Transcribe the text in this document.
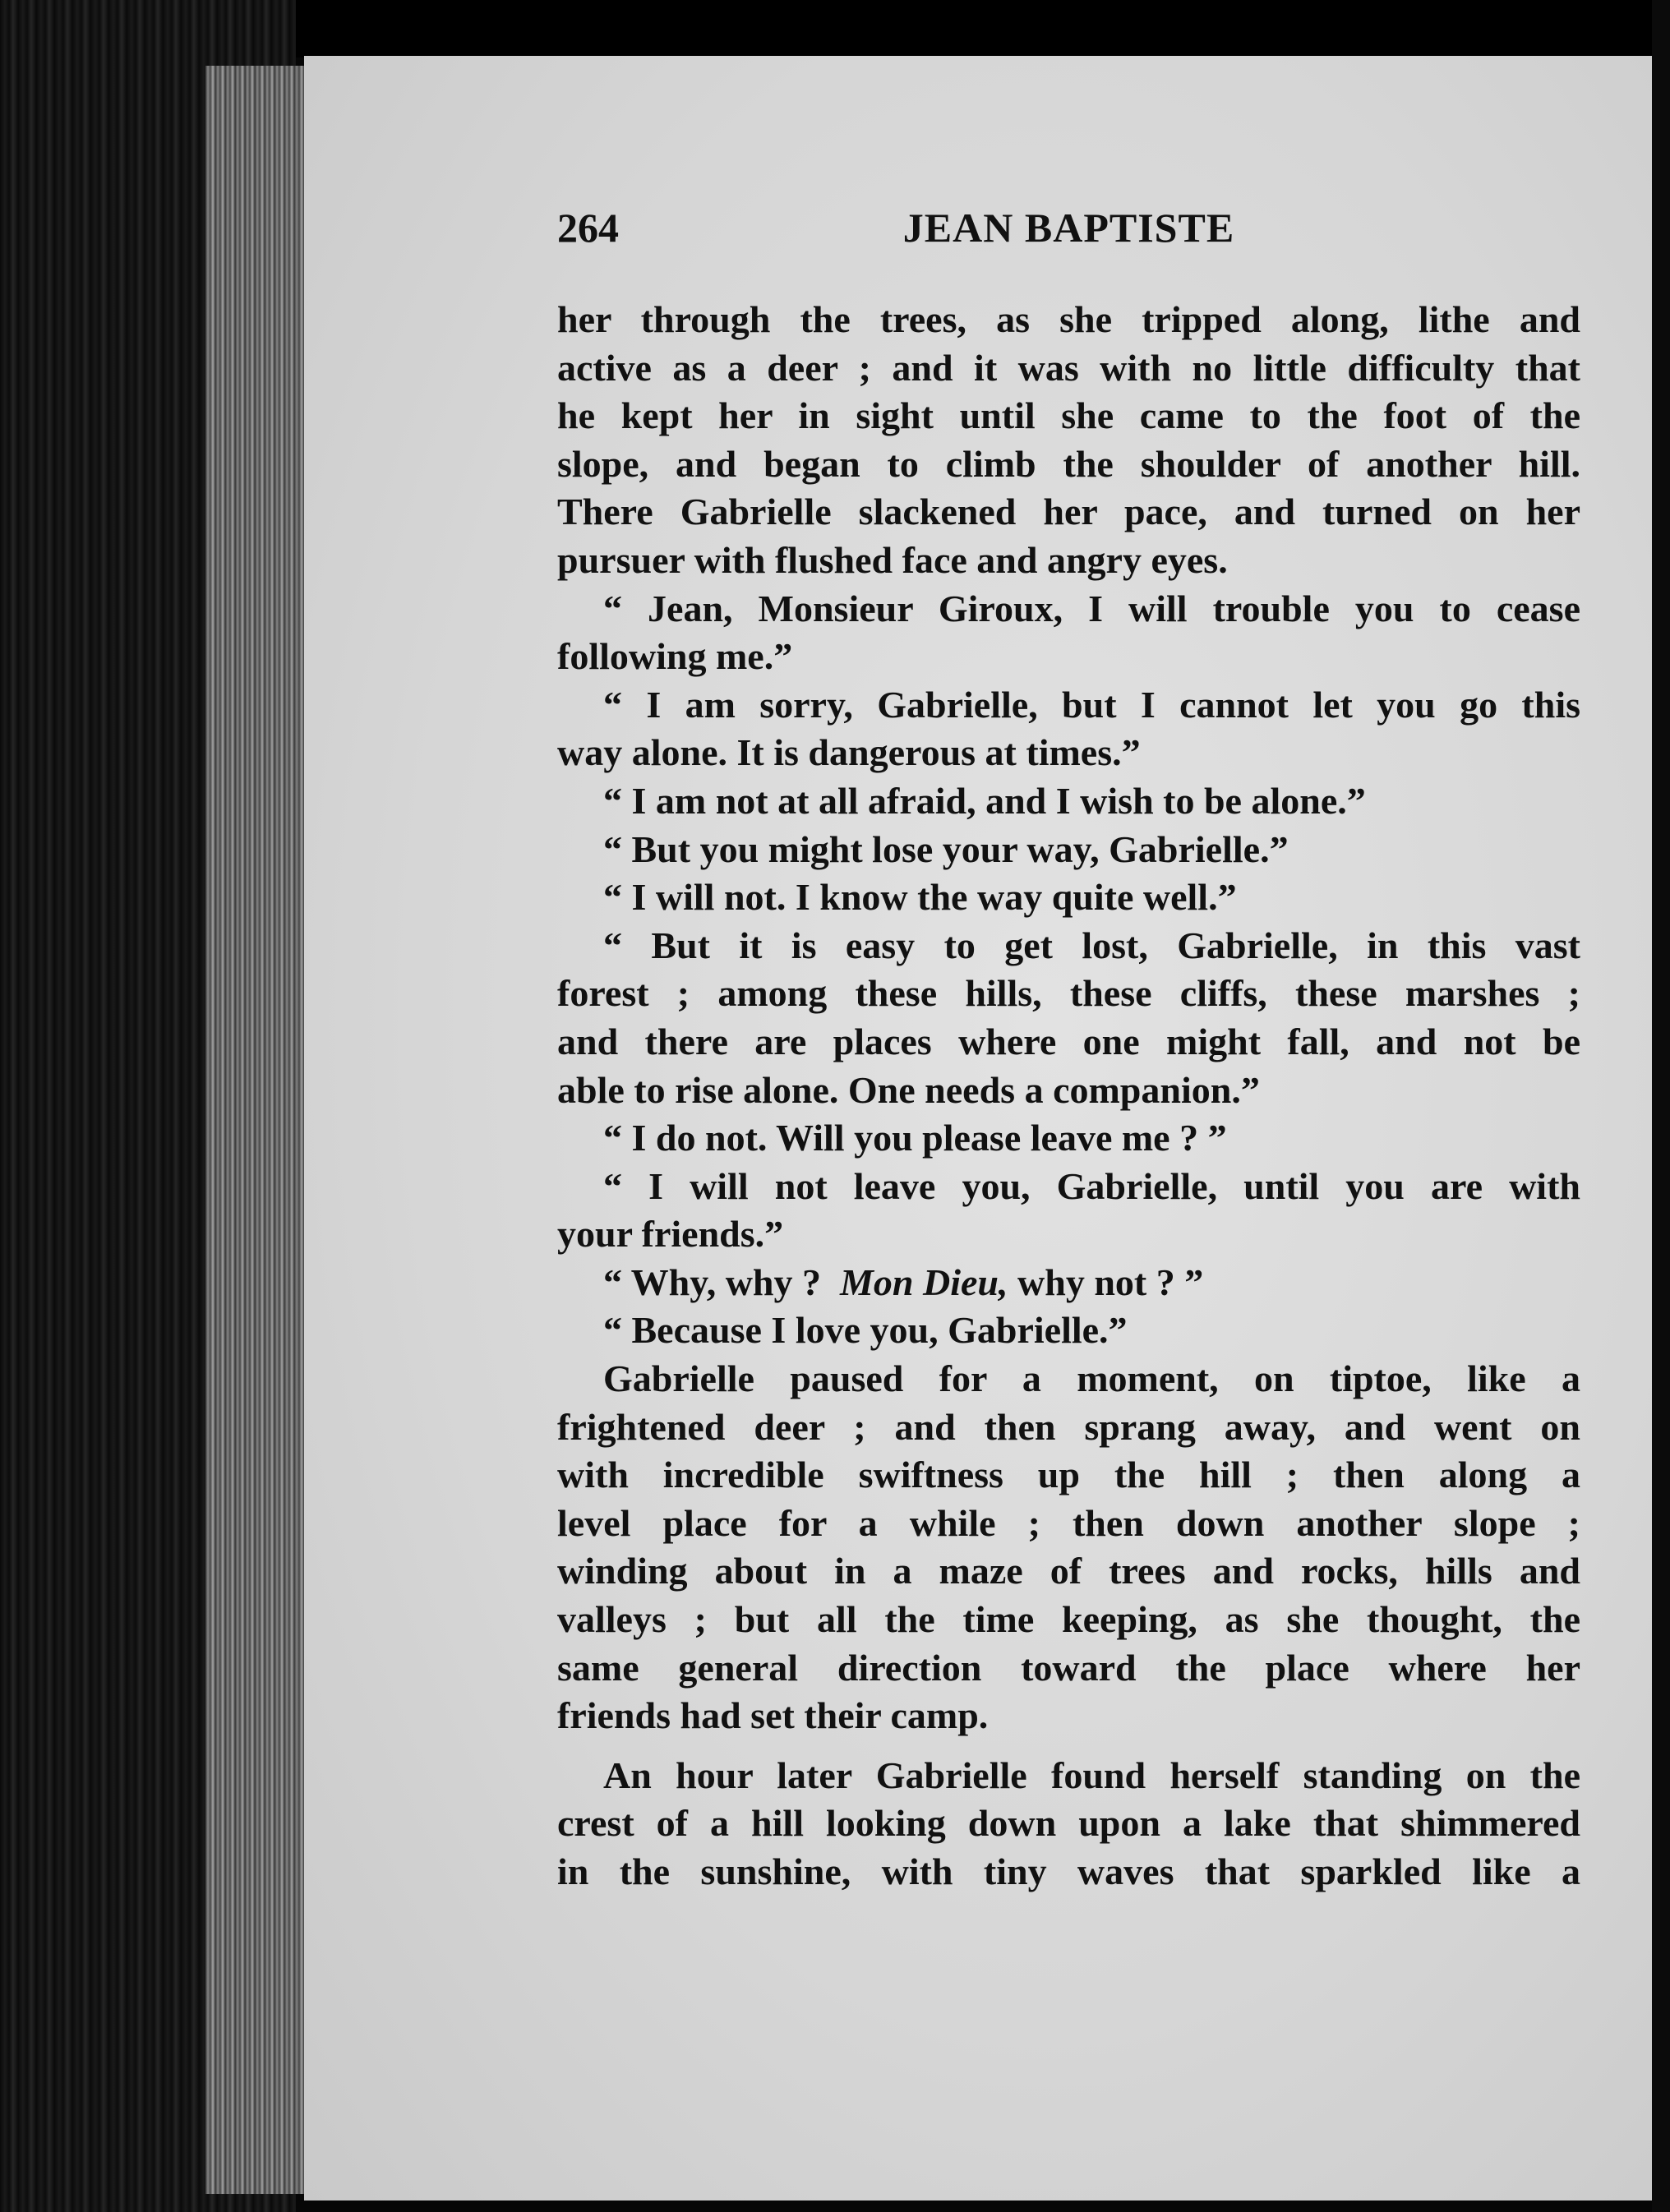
264	JEAN BAPTISTE
her through the trees, as she tripped along, lithe and
active as a deer ; and it was with no little difficulty that
he kept her in sight until she came to the foot of the
slope, and began to climb the shoulder of another hill.
There Gabrielle slackened her pace, and turned on her
pursuer with flushed face and angry eyes.
“ Jean, Monsieur Giroux, I will trouble you to cease
following me.”
“ I am sorry, Gabrielle, but I cannot let you go this
way alone. It is dangerous at times.”
“ I am not at all afraid, and I wish to be alone.”
“ But you might lose your way, Gabrielle.”
“ I will not. I know the way quite well.”
“ But it is easy to get lost, Gabrielle, in this vast
forest ; among these hills, these cliffs, these marshes ;
and there are places where one might fall, and not be
able to rise alone. One needs a companion.”
“ I do not. Will you please leave me ? ”
“ I will not leave you, Gabrielle, until you are with
your friends.”
“ Why, why ? Mon Dieu, why not ? ”
“ Because I love you, Gabrielle.”
Gabrielle paused for a moment, on tiptoe, like a
frightened deer ; and then sprang away, and went on
with incredible swiftness up the hill ; then along a
level place for a while ; then down another slope ;
winding about in a maze of trees and rocks, hills and
valleys ; but all the time keeping, as she thought, the
same general direction toward the place where her
friends had set their camp.
An hour later Gabrielle found herself standing on the
crest of a hill looking down upon a lake that shimmered
in the sunshine, with tiny waves that sparkled like a
